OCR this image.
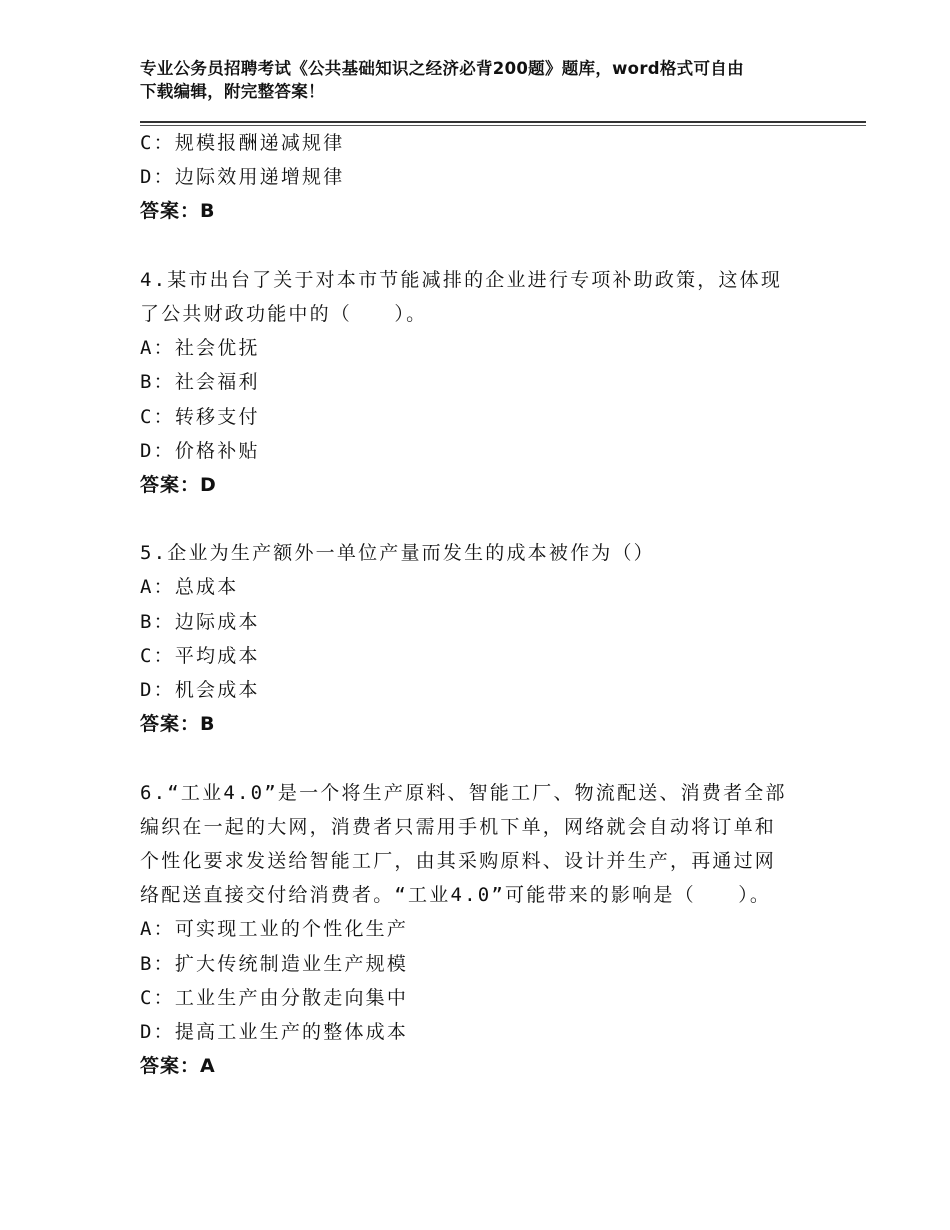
专业公务员招聘考试《公共基础知识之经济必背200题》题库，word格式可自由
下载编辑，附完整答案！
C：规模报酬递减规律
D：边际效用递增规律
答案：B
4.某市出台了关于对本市节能减排的企业进行专项补助政策，这体现
了公共财政功能中的（　　）。
A：社会优抚
B：社会福利
C：转移支付
D：价格补贴
答案：D
5.企业为生产额外一单位产量而发生的成本被作为（）
A：总成本
B：边际成本
C：平均成本
D：机会成本
答案：B
6.“工业4.0”是一个将生产原料、智能工厂、物流配送、消费者全部
编织在一起的大网，消费者只需用手机下单，网络就会自动将订单和
个性化要求发送给智能工厂，由其采购原料、设计并生产，再通过网
络配送直接交付给消费者。“工业4.0”可能带来的影响是（　　）。
A：可实现工业的个性化生产
B：扩大传统制造业生产规模
C：工业生产由分散走向集中
D：提高工业生产的整体成本
答案：A
